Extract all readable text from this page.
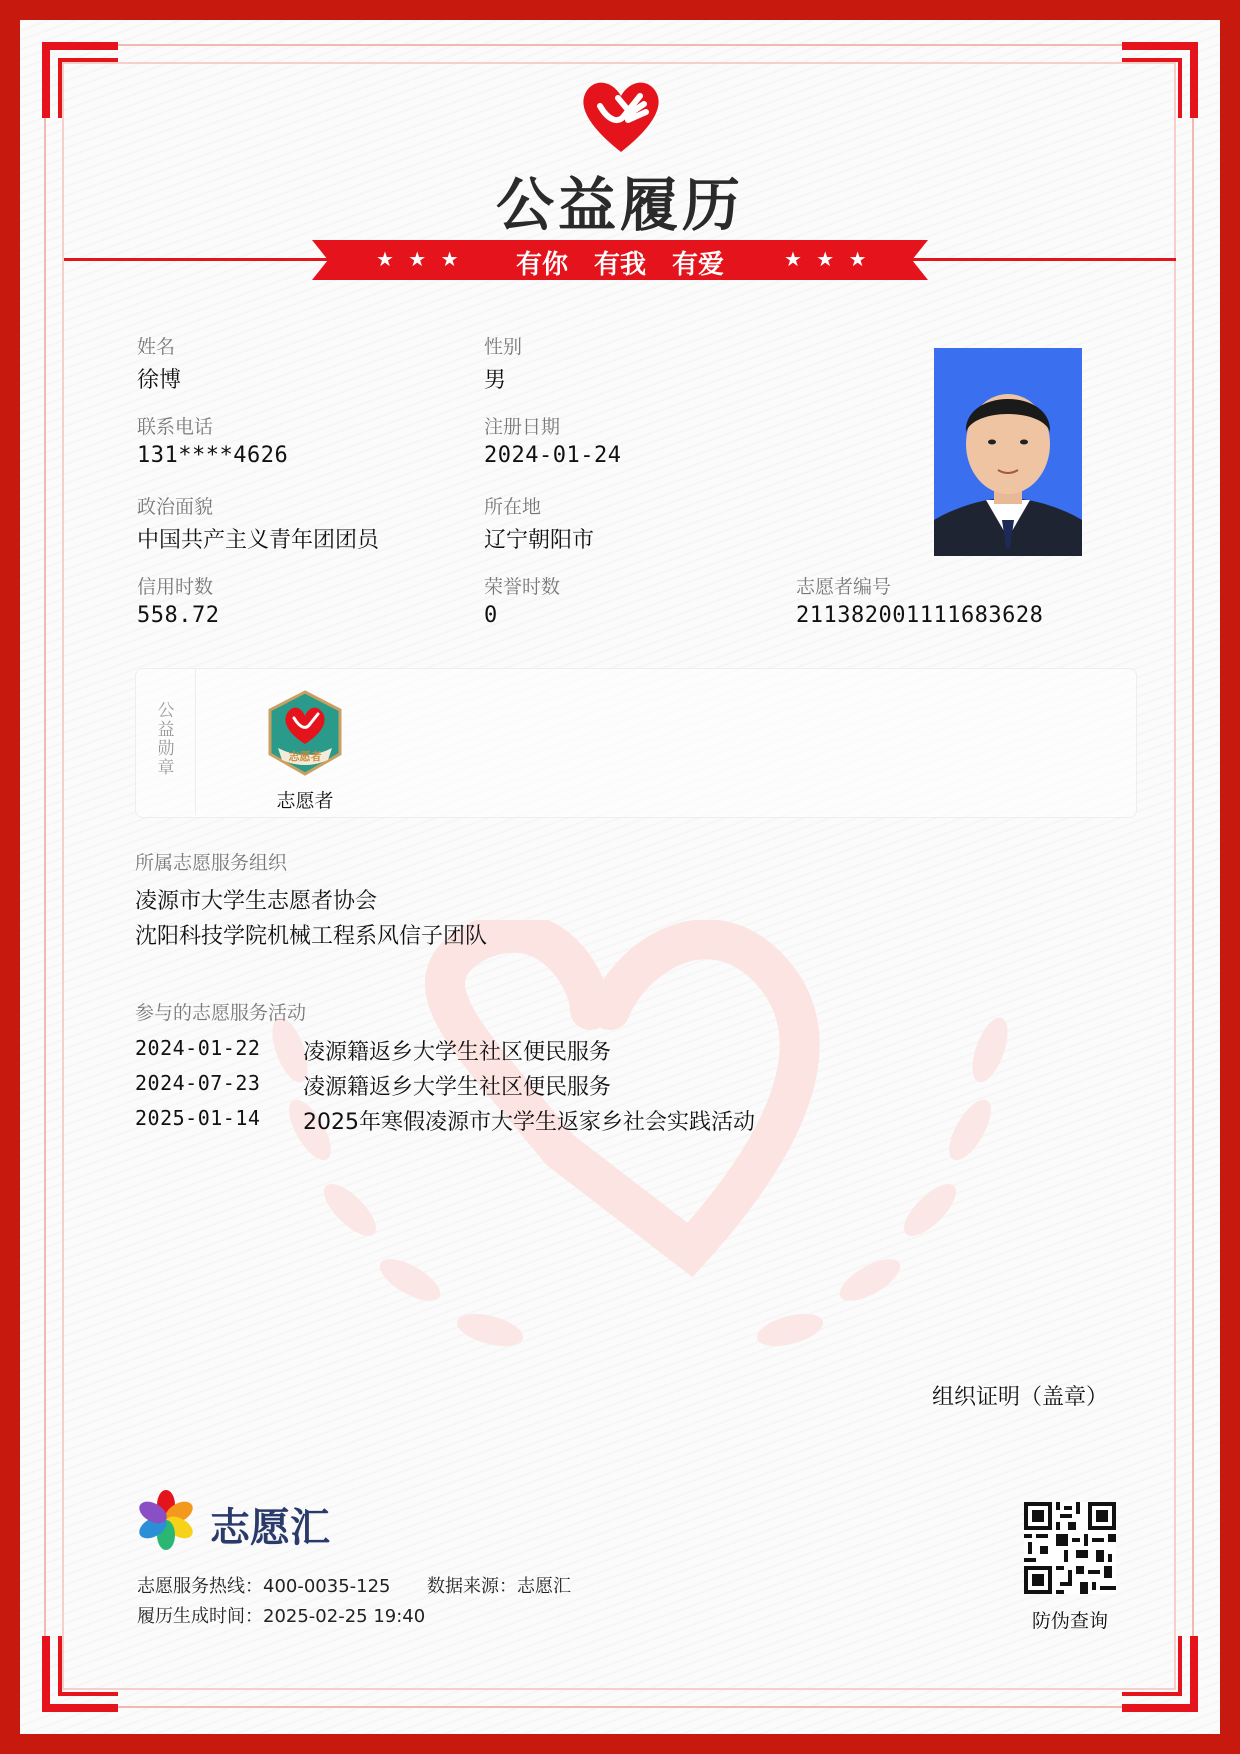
公益履历
★ ★ ★	有你　有我　有爱	★ ★ ★
姓名
徐博
性别
男
联系电话
131****4626
注册日期
2024-01-24
政治面貌
中国共产主义青年团团员
所在地
辽宁朝阳市
信用时数
558.72
荣誉时数
0
志愿者编号
211382001111683628
公
益
勋
章
志愿者
志愿者
所属志愿服务组织
凌源市大学生志愿者协会
沈阳科技学院机械工程系风信子团队
参与的志愿服务活动
2024-01-22 凌源籍返乡大学生社区便民服务
2024-07-23 凌源籍返乡大学生社区便民服务
2025-01-14 2025年寒假凌源市大学生返家乡社会实践活动
组织证明（盖章）
志愿汇
志愿服务热线：400-0035-125 数据来源：志愿汇
履历生成时间：2025-02-25 19:40	防伪查询
